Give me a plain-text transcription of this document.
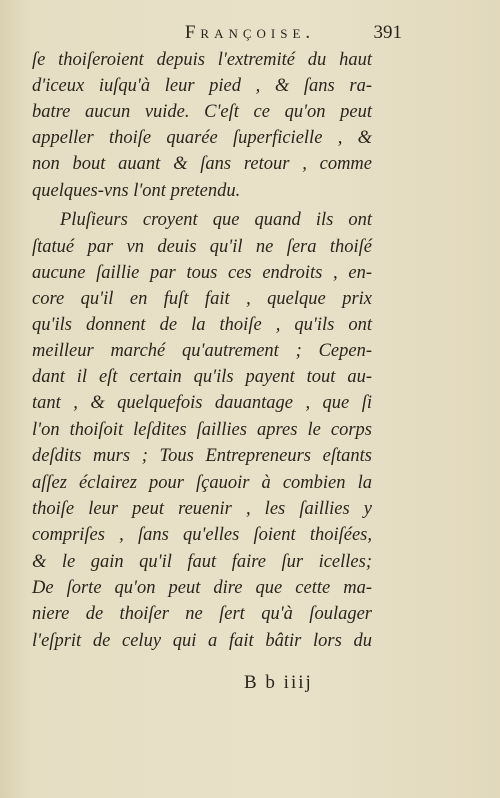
Françoise.	391
ſe thoiſeroient depuis l'extremité du haut
d'iceux iuſqu'à leur pied , & ſans ra-
batre aucun vuide. C'eſt ce qu'on peut
appeller thoiſe quarée ſuperficielle , &
non bout auant & ſans retour , comme
quelques-vns l'ont pretendu.
Pluſieurs croyent que quand ils ont
ſtatué par vn deuis qu'il ne ſera thoiſé
aucune ſaillie par tous ces endroits , en-
core qu'il en fuſt fait , quelque prix
qu'ils donnent de la thoiſe , qu'ils ont
meilleur marché qu'autrement ; Cepen-
dant il eſt certain qu'ils payent tout au-
tant , & quelquefois dauantage , que ſi
l'on thoiſoit leſdites ſaillies apres le corps
deſdits murs ; Tous Entrepreneurs eſtants
aſſez éclairez pour ſçauoir à combien la
thoiſe leur peut reuenir , les ſaillies y
compriſes , ſans qu'elles ſoient thoiſées,
& le gain qu'il faut faire ſur icelles;
De ſorte qu'on peut dire que cette ma-
niere de thoiſer ne ſert qu'à ſoulager
l'eſprit de celuy qui a fait bâtir lors du
B b iiij
